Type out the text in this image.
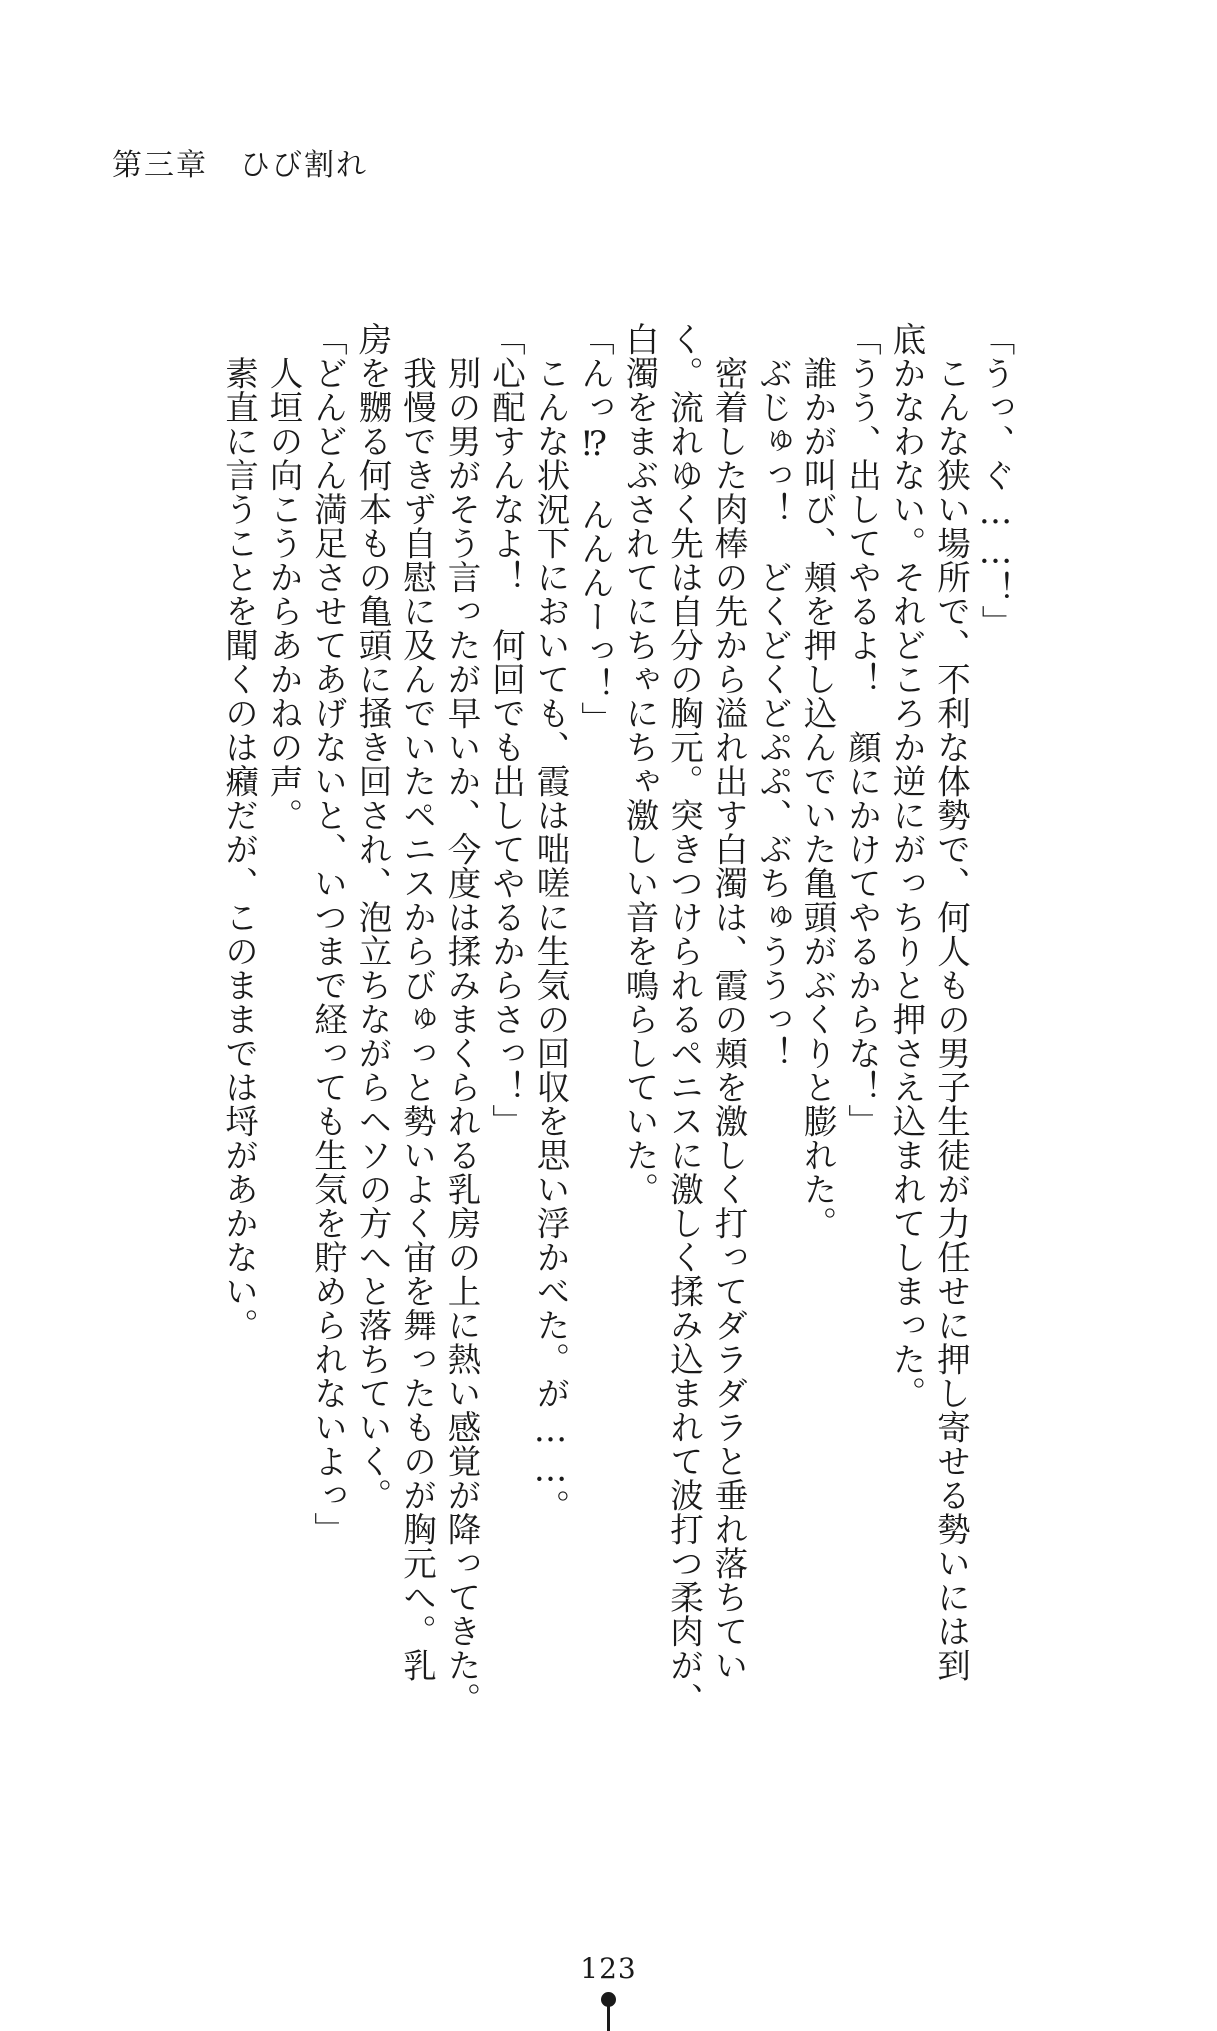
第三章　ひび割れ
「うっ、ぐ……！」
　こんな狭い場所で、不利な体勢で、何人もの男子生徒が力任せに押し寄せる勢いには到
底かなわない。それどころか逆にがっちりと押さえ込まれてしまった。
「うう、出してやるよ！　顔にかけてやるからな！」
　誰かが叫び、頬を押し込んでいた亀頭がぶくりと膨れた。
　ぶじゅっ！　どくどくどぷぷ、ぶちゅううっ！
　密着した肉棒の先から溢れ出す白濁は、霞の頬を激しく打ってダラダラと垂れ落ちてい
く。流れゆく先は自分の胸元。突きつけられるペニスに激しく揉み込まれて波打つ柔肉が、
白濁をまぶされてにちゃにちゃ激しい音を鳴らしていた。
「んっ⁉　んんんーっ！」
　こんな状況下においても、霞は咄嗟に生気の回収を思い浮かべた。が……。
「心配すんなよ！　何回でも出してやるからさっ！」
　別の男がそう言ったが早いか、今度は揉みまくられる乳房の上に熱い感覚が降ってきた。
　我慢できず自慰に及んでいたペニスからびゅっと勢いよく宙を舞ったものが胸元へ。乳
房を嬲る何本もの亀頭に掻き回され、泡立ちながらヘソの方へと落ちていく。
「どんどん満足させてあげないと、いつまで経っても生気を貯められないよっ」
　人垣の向こうからあかねの声。
　素直に言うことを聞くのは癪だが、このままでは埒があかない。
123
